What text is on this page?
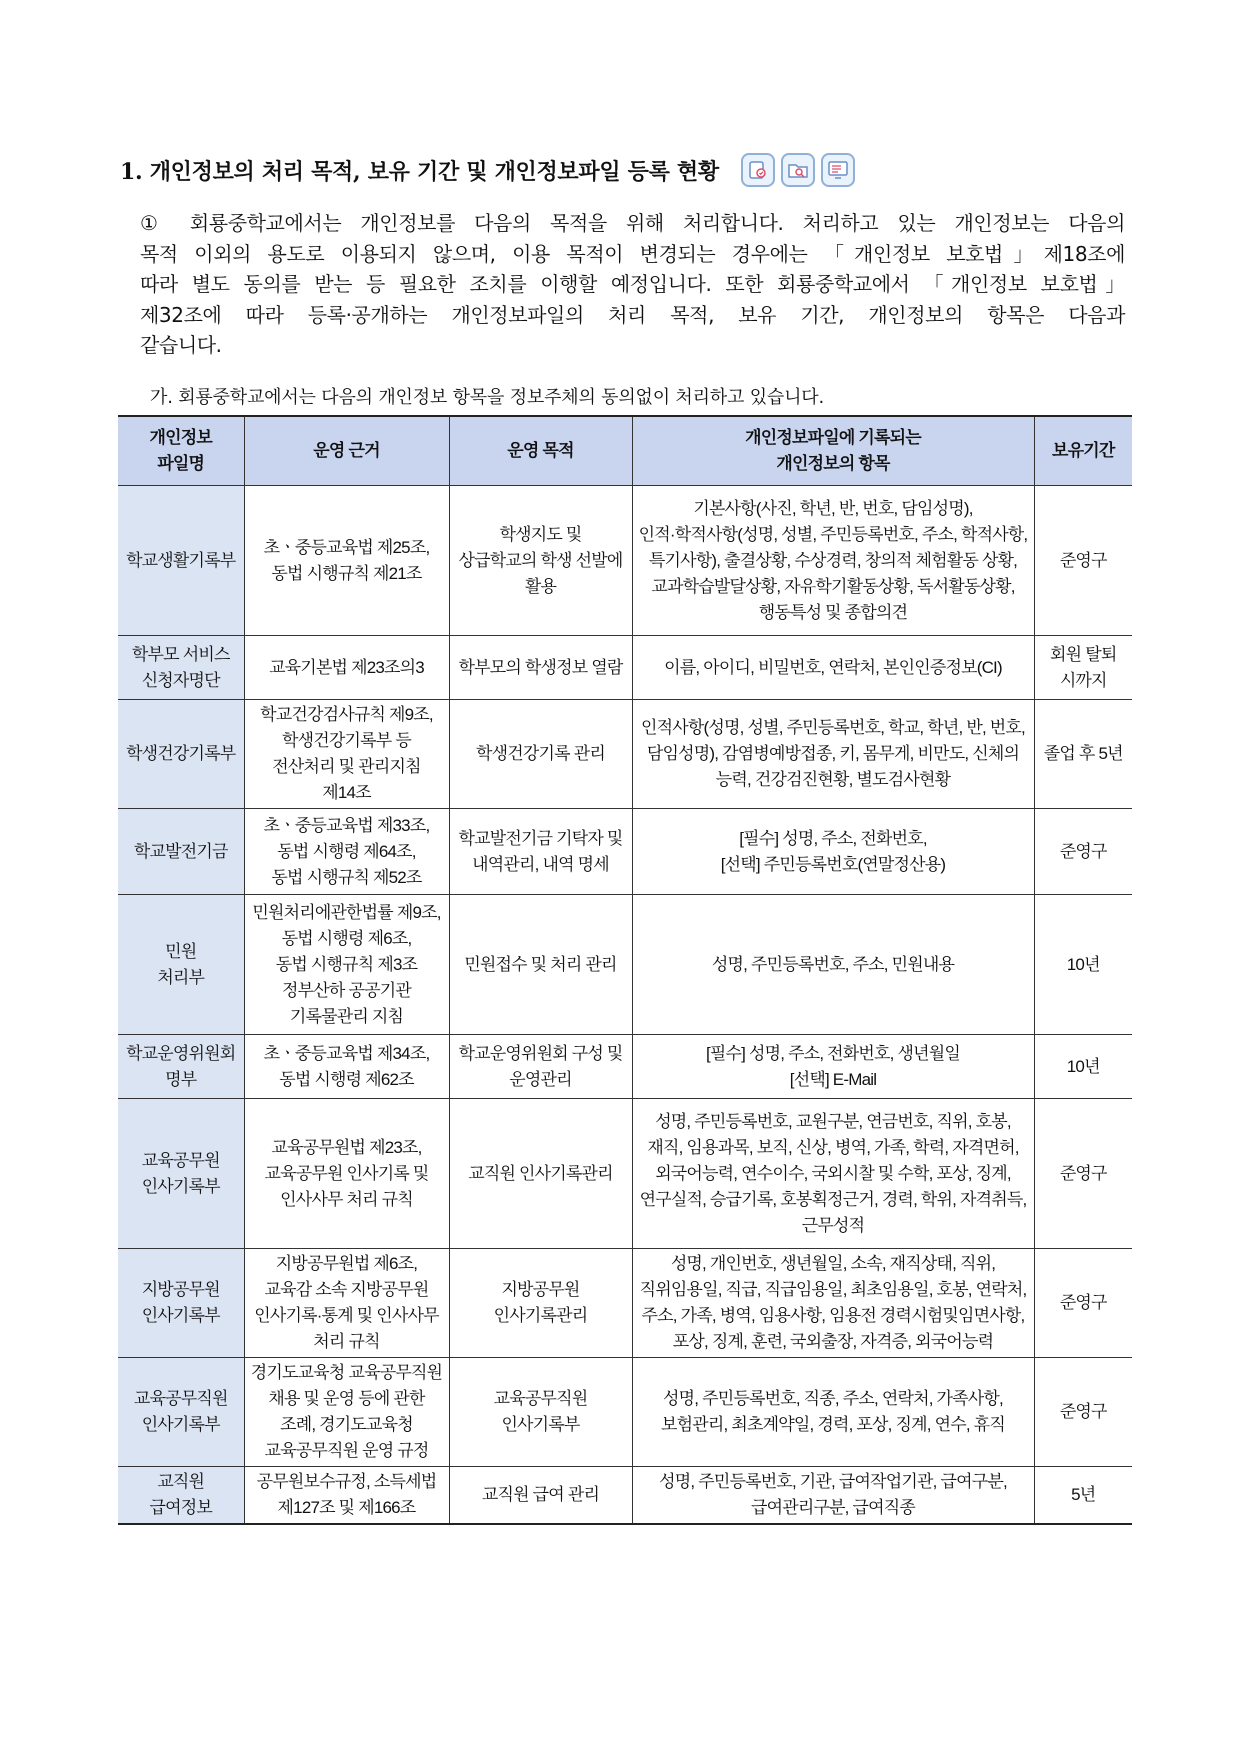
1. 개인정보의 처리 목적, 보유 기간 및 개인정보파일 등록 현황
① 회룡중학교에서는 개인정보를 다음의 목적을 위해 처리합니다. 처리하고 있는 개인정보는 다음의
목적 이외의 용도로 이용되지 않으며, 이용 목적이 변경되는 경우에는 「개인정보 보호법」제18조에
따라 별도 동의를 받는 등 필요한 조치를 이행할 예정입니다. 또한 회룡중학교에서 「개인정보 보호법」
제32조에 따라 등록·공개하는 개인정보파일의 처리 목적, 보유 기간, 개인정보의 항목은 다음과
같습니다.
가. 회룡중학교에서는 다음의 개인정보 항목을 정보주체의 동의없이 처리하고 있습니다.
개인정보
파일명	운영 근거	운영 목적	개인정보파일에 기록되는
개인정보의 항목	보유기간
학교생활기록부	초ㆍ중등교육법 제25조,
동법 시행규칙 제21조	학생지도 및
상급학교의 학생 선발에
활용	기본사항(사진, 학년, 반, 번호, 담임성명),
인적·학적사항(성명, 성별, 주민등록번호, 주소, 학적사항,
특기사항), 출결상황, 수상경력, 창의적 체험활동 상황,
교과학습발달상황, 자유학기활동상황, 독서활동상황,
행동특성 및 종합의견	준영구
학부모 서비스
신청자명단	교육기본법 제23조의3	학부모의 학생정보 열람	이름, 아이디, 비밀번호, 연락처, 본인인증정보(CI)	회원 탈퇴
시까지
학생건강기록부	학교건강검사규칙 제9조,
학생건강기록부 등
전산처리 및 관리지침
제14조	학생건강기록 관리	인적사항(성명, 성별, 주민등록번호, 학교, 학년, 반, 번호,
담임성명), 감염병예방접종, 키, 몸무게, 비만도, 신체의
능력, 건강검진현황, 별도검사현황	졸업 후 5년
학교발전기금	초ㆍ중등교육법 제33조,
동법 시행령 제64조,
동법 시행규칙 제52조	학교발전기금 기탁자 및
내역관리, 내역 명세	[필수] 성명, 주소, 전화번호,
[선택] 주민등록번호(연말정산용)	준영구
민원
처리부	민원처리에관한법률 제9조,
동법 시행령 제6조,
동법 시행규칙 제3조
정부산하 공공기관
기록물관리 지침	민원접수 및 처리 관리	성명, 주민등록번호, 주소, 민원내용	10년
학교운영위원회
명부	초ㆍ중등교육법 제34조,
동법 시행령 제62조	학교운영위원회 구성 및
운영관리	[필수] 성명, 주소, 전화번호, 생년월일
[선택] E-Mail	10년
교육공무원
인사기록부	교육공무원법 제23조,
교육공무원 인사기록 및
인사사무 처리 규칙	교직원 인사기록관리	성명, 주민등록번호, 교원구분, 연금번호, 직위, 호봉,
재직, 임용과목, 보직, 신상, 병역, 가족, 학력, 자격면허,
외국어능력, 연수이수, 국외시찰 및 수학, 포상, 징계,
연구실적, 승급기록, 호봉획정근거, 경력, 학위, 자격취득,
근무성적	준영구
지방공무원
인사기록부	지방공무원법 제6조,
교육감 소속 지방공무원
인사기록·통계 및 인사사무
처리 규칙	지방공무원
인사기록관리	성명, 개인번호, 생년월일, 소속, 재직상태, 직위,
직위임용일, 직급, 직급임용일, 최초임용일, 호봉, 연락처,
주소, 가족, 병역, 임용사항, 임용전 경력시험및임면사항,
포상, 징계, 훈련, 국외출장, 자격증, 외국어능력	준영구
교육공무직원
인사기록부	경기도교육청 교육공무직원
채용 및 운영 등에 관한
조례, 경기도교육청
교육공무직원 운영 규정	교육공무직원
인사기록부	성명, 주민등록번호, 직종, 주소, 연락처, 가족사항,
보험관리, 최초계약일, 경력, 포상, 징계, 연수, 휴직	준영구
교직원
급여정보	공무원보수규정, 소득세법
제127조 및 제166조	교직원 급여 관리	성명, 주민등록번호, 기관, 급여작업기관, 급여구분,
급여관리구분, 급여직종	5년
